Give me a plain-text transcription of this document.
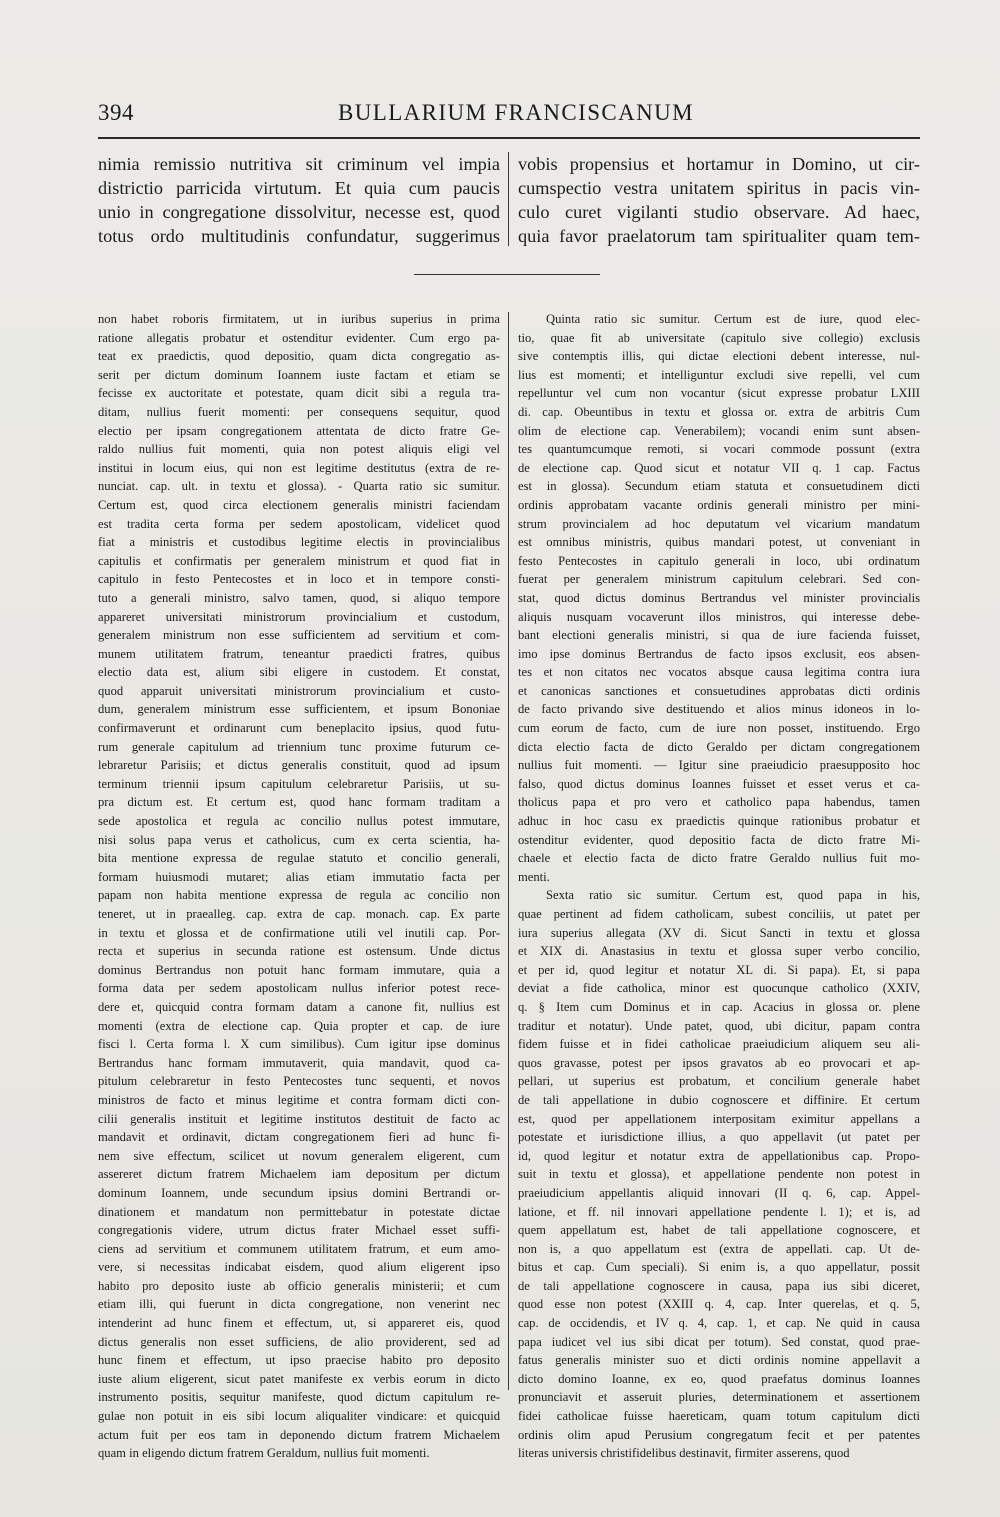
394	BULLARIUM FRANCISCANUM
nimia remissio nutritiva sit criminum vel impia
districtio parricida virtutum. Et quia cum paucis
unio in congregatione dissolvitur, necesse est, quod
totus ordo multitudinis confundatur, suggerimus
vobis propensius et hortamur in Domino, ut cir-
cumspectio vestra unitatem spiritus in pacis vin-
culo curet vigilanti studio observare. Ad haec,
quia favor praelatorum tam spiritualiter quam tem-
non habet roboris firmitatem, ut in iuribus superius in prima
ratione allegatis probatur et ostenditur evidenter. Cum ergo pa-
teat ex praedictis, quod depositio, quam dicta congregatio as-
serit per dictum dominum Ioannem iuste factam et etiam se
fecisse ex auctoritate et potestate, quam dicit sibi a regula tra-
ditam, nullius fuerit momenti: per consequens sequitur, quod
electio per ipsam congregationem attentata de dicto fratre Ge-
raldo nullius fuit momenti, quia non potest aliquis eligi vel
institui in locum eius, qui non est legitime destitutus (extra de re-
nunciat. cap. ult. in textu et glossa). - Quarta ratio sic sumitur.
Certum est, quod circa electionem generalis ministri faciendam
est tradita certa forma per sedem apostolicam, videlicet quod
fiat a ministris et custodibus legitime electis in provincialibus
capitulis et confirmatis per generalem ministrum et quod fiat in
capitulo in festo Pentecostes et in loco et in tempore consti-
tuto a generali ministro, salvo tamen, quod, si aliquo tempore
appareret universitati ministrorum provincialium et custodum,
generalem ministrum non esse sufficientem ad servitium et com-
munem utilitatem fratrum, teneantur praedicti fratres, quibus
electio data est, alium sibi eligere in custodem. Et constat,
quod apparuit universitati ministrorum provincialium et custo-
dum, generalem ministrum esse sufficientem, et ipsum Bononiae
confirmaverunt et ordinarunt cum beneplacito ipsius, quod futu-
rum generale capitulum ad triennium tunc proxime futurum ce-
lebraretur Parisiis; et dictus generalis constituit, quod ad ipsum
terminum triennii ipsum capitulum celebraretur Parisiis, ut su-
pra dictum est. Et certum est, quod hanc formam traditam a
sede apostolica et regula ac concilio nullus potest immutare,
nisi solus papa verus et catholicus, cum ex certa scientia, ha-
bita mentione expressa de regulae statuto et concilio generali,
formam huiusmodi mutaret; alias etiam immutatio facta per
papam non habita mentione expressa de regula ac concilio non
teneret, ut in praealleg. cap. extra de cap. monach. cap. Ex parte
in textu et glossa et de confirmatione utili vel inutili cap. Por-
recta et superius in secunda ratione est ostensum. Unde dictus
dominus Bertrandus non potuit hanc formam immutare, quia a
forma data per sedem apostolicam nullus inferior potest rece-
dere et, quicquid contra formam datam a canone fit, nullius est
momenti (extra de electione cap. Quia propter et cap. de iure
fisci l. Certa forma l. X cum similibus). Cum igitur ipse dominus
Bertrandus hanc formam immutaverit, quia mandavit, quod ca-
pitulum celebraretur in festo Pentecostes tunc sequenti, et novos
ministros de facto et minus legitime et contra formam dicti con-
cilii generalis instituit et legitime institutos destituit de facto ac
mandavit et ordinavit, dictam congregationem fieri ad hunc fi-
nem sive effectum, scilicet ut novum generalem eligerent, cum
assereret dictum fratrem Michaelem iam depositum per dictum
dominum Ioannem, unde secundum ipsius domini Bertrandi or-
dinationem et mandatum non permittebatur in potestate dictae
congregationis videre, utrum dictus frater Michael esset suffi-
ciens ad servitium et communem utilitatem fratrum, et eum amo-
vere, si necessitas indicabat eisdem, quod alium eligerent ipso
habito pro deposito iuste ab officio generalis ministerii; et cum
etiam illi, qui fuerunt in dicta congregatione, non venerint nec
intenderint ad hunc finem et effectum, ut, si appareret eis, quod
dictus generalis non esset sufficiens, de alio providerent, sed ad
hunc finem et effectum, ut ipso praecise habito pro deposito
iuste alium eligerent, sicut patet manifeste ex verbis eorum in dicto
instrumento positis, sequitur manifeste, quod dictum capitulum re-
gulae non potuit in eis sibi locum aliqualiter vindicare: et quicquid
actum fuit per eos tam in deponendo dictum fratrem Michaelem
quam in eligendo dictum fratrem Geraldum, nullius fuit momenti.
Quinta ratio sic sumitur. Certum est de iure, quod elec-
tio, quae fit ab universitate (capitulo sive collegio) exclusis
sive contemptis illis, qui dictae electioni debent interesse, nul-
lius est momenti; et intelliguntur excludi sive repelli, vel cum
repelluntur vel cum non vocantur (sicut expresse probatur LXIII
di. cap. Obeuntibus in textu et glossa or. extra de arbitris Cum
olim de electione cap. Venerabilem); vocandi enim sunt absen-
tes quantumcumque remoti, si vocari commode possunt (extra
de electione cap. Quod sicut et notatur VII q. 1 cap. Factus
est in glossa). Secundum etiam statuta et consuetudinem dicti
ordinis approbatam vacante ordinis generali ministro per mini-
strum provincialem ad hoc deputatum vel vicarium mandatum
est omnibus ministris, quibus mandari potest, ut conveniant in
festo Pentecostes in capitulo generali in loco, ubi ordinatum
fuerat per generalem ministrum capitulum celebrari. Sed con-
stat, quod dictus dominus Bertrandus vel minister provincialis
aliquis nusquam vocaverunt illos ministros, qui interesse debe-
bant electioni generalis ministri, si qua de iure facienda fuisset,
imo ipse dominus Bertrandus de facto ipsos exclusit, eos absen-
tes et non citatos nec vocatos absque causa legitima contra iura
et canonicas sanctiones et consuetudines approbatas dicti ordinis
de facto privando sive destituendo et alios minus idoneos in lo-
cum eorum de facto, cum de iure non posset, instituendo. Ergo
dicta electio facta de dicto Geraldo per dictam congregationem
nullius fuit momenti. — Igitur sine praeiudicio praesupposito hoc
falso, quod dictus dominus Ioannes fuisset et esset verus et ca-
tholicus papa et pro vero et catholico papa habendus, tamen
adhuc in hoc casu ex praedictis quinque rationibus probatur et
ostenditur evidenter, quod depositio facta de dicto fratre Mi-
chaele et electio facta de dicto fratre Geraldo nullius fuit mo-
menti.
Sexta ratio sic sumitur. Certum est, quod papa in his,
quae pertinent ad fidem catholicam, subest conciliis, ut patet per
iura superius allegata (XV di. Sicut Sancti in textu et glossa
et XIX di. Anastasius in textu et glossa super verbo concilio,
et per id, quod legitur et notatur XL di. Si papa). Et, si papa
deviat a fide catholica, minor est quocunque catholico (XXIV,
q. § Item cum Dominus et in cap. Acacius in glossa or. plene
traditur et notatur). Unde patet, quod, ubi dicitur, papam contra
fidem fuisse et in fidei catholicae praeiudicium aliquem seu ali-
quos gravasse, potest per ipsos gravatos ab eo provocari et ap-
pellari, ut superius est probatum, et concilium generale habet
de tali appellatione in dubio cognoscere et diffinire. Et certum
est, quod per appellationem interpositam eximitur appellans a
potestate et iurisdictione illius, a quo appellavit (ut patet per
id, quod legitur et notatur extra de appellationibus cap. Propo-
suit in textu et glossa), et appellatione pendente non potest in
praeiudicium appellantis aliquid innovari (II q. 6, cap. Appel-
latione, et ff. nil innovari appellatione pendente l. 1); et is, ad
quem appellatum est, habet de tali appellatione cognoscere, et
non is, a quo appellatum est (extra de appellati. cap. Ut de-
bitus et cap. Cum speciali). Si enim is, a quo appellatur, possit
de tali appellatione cognoscere in causa, papa ius sibi diceret,
quod esse non potest (XXIII q. 4, cap. Inter querelas, et q. 5,
cap. de occidendis, et IV q. 4, cap. 1, et cap. Ne quid in causa
papa iudicet vel ius sibi dicat per totum). Sed constat, quod prae-
fatus generalis minister suo et dicti ordinis nomine appellavit a
dicto domino Ioanne, ex eo, quod praefatus dominus Ioannes
pronunciavit et asseruit pluries, determinationem et assertionem
fidei catholicae fuisse haereticam, quam totum capitulum dicti
ordinis olim apud Perusium congregatum fecit et per patentes
literas universis christifidelibus destinavit, firmiter asserens, quod
